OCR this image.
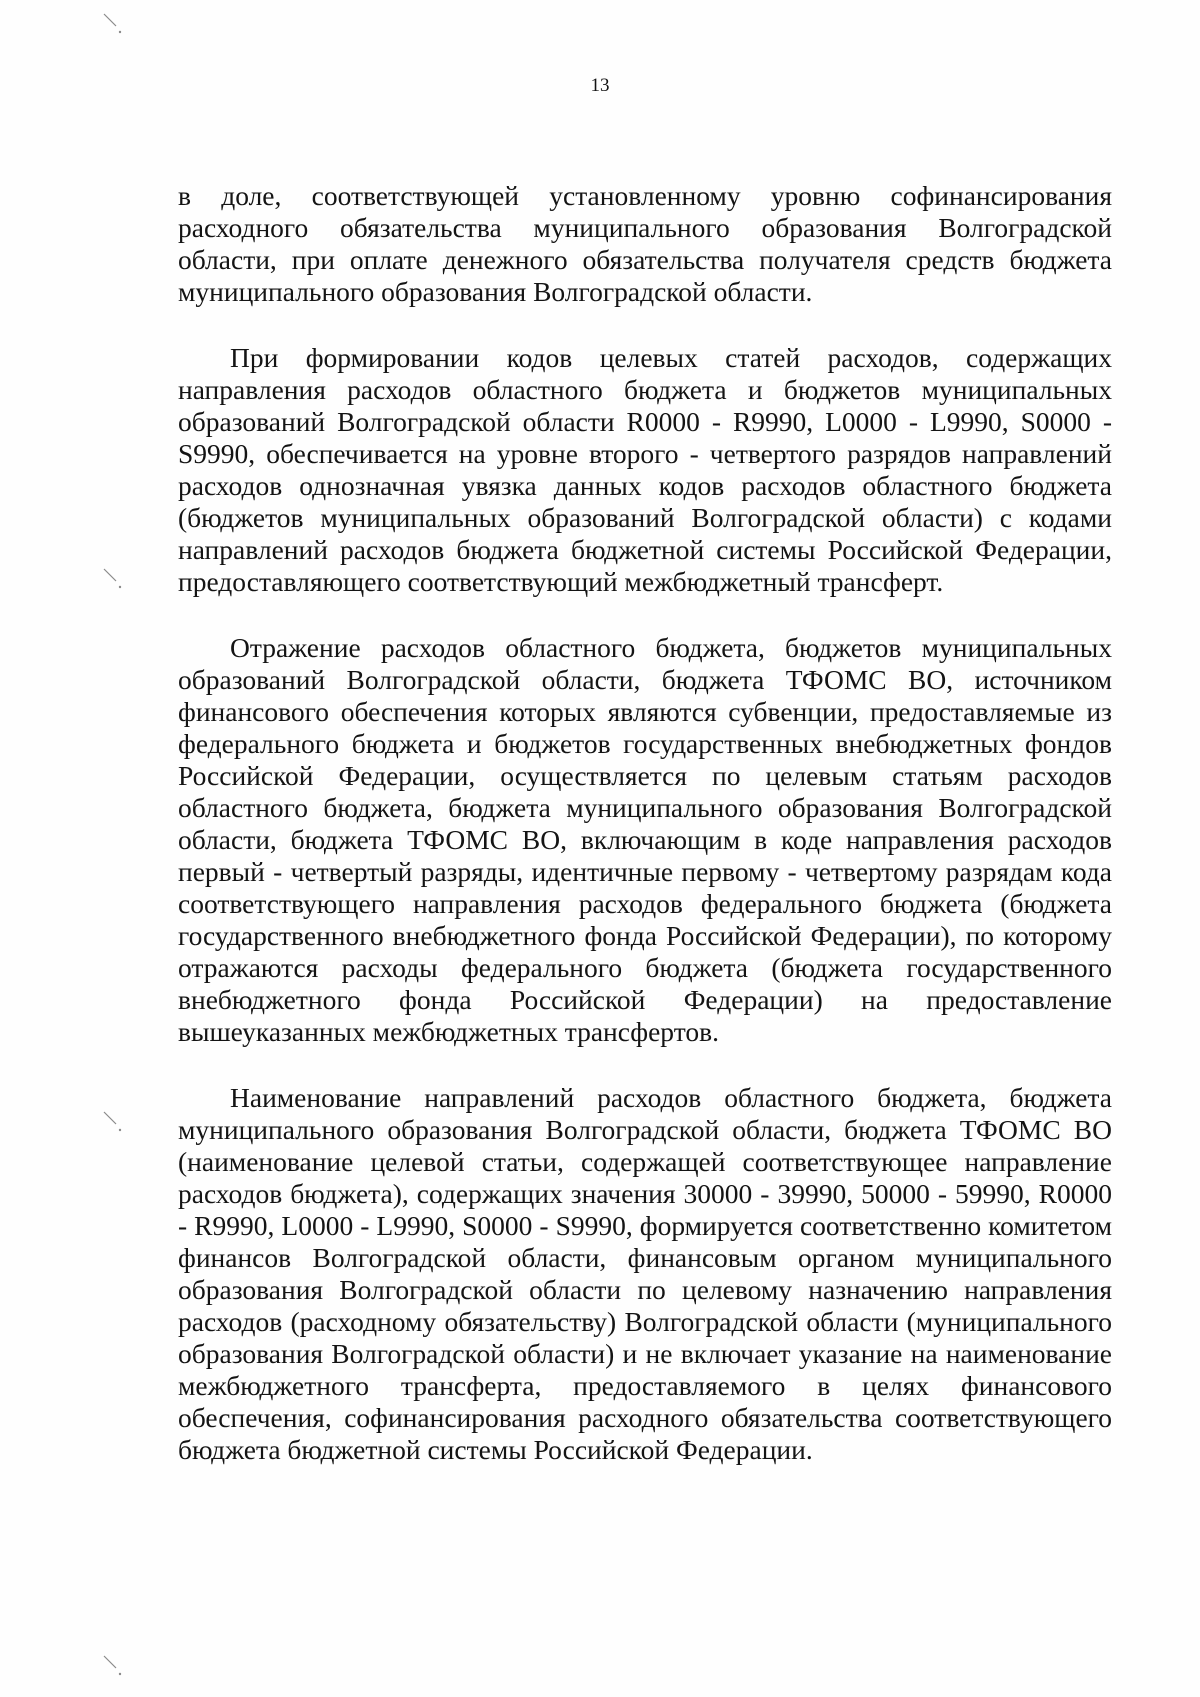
13

в доле, соответствующей установленному уровню софинансирования расходного обязательства муниципального образования Волгоградской области, при оплате денежного обязательства получателя средств бюджета муниципального образования Волгоградской области.

При формировании кодов целевых статей расходов, содержащих направления расходов областного бюджета и бюджетов муниципальных образований Волгоградской области R0000 - R9990, L0000 - L9990, S0000 - S9990, обеспечивается на уровне второго - четвертого разрядов направлений расходов однозначная увязка данных кодов расходов областного бюджета (бюджетов муниципальных образований Волгоградской области) с кодами направлений расходов бюджета бюджетной системы Российской Федерации, предоставляющего соответствующий межбюджетный трансферт.

Отражение расходов областного бюджета, бюджетов муниципальных образований Волгоградской области, бюджета ТФОМС ВО, источником финансового обеспечения которых являются субвенции, предоставляемые из федерального бюджета и бюджетов государственных внебюджетных фондов Российской Федерации, осуществляется по целевым статьям расходов областного бюджета, бюджета муниципального образования Волгоградской области, бюджета ТФОМС ВО, включающим в коде направления расходов первый - четвертый разряды, идентичные первому - четвертому разрядам кода соответствующего направления расходов федерального бюджета (бюджета государственного внебюджетного фонда Российской Федерации), по которому отражаются расходы федерального бюджета (бюджета государственного внебюджетного фонда Российской Федерации) на предоставление вышеуказанных межбюджетных трансфертов.

Наименование направлений расходов областного бюджета, бюджета муниципального образования Волгоградской области, бюджета ТФОМС ВО (наименование целевой статьи, содержащей соответствующее направление расходов бюджета), содержащих значения 30000 - 39990, 50000 - 59990, R0000 - R9990, L0000 - L9990, S0000 - S9990, формируется соответственно комитетом финансов Волгоградской области, финансовым органом муниципального образования Волгоградской области по целевому назначению направления расходов (расходному обязательству) Волгоградской области (муниципального образования Волгоградской области) и не включает указание на наименование межбюджетного трансферта, предоставляемого в целях финансового обеспечения, софинансирования расходного обязательства соответствующего бюджета бюджетной системы Российской Федерации.
